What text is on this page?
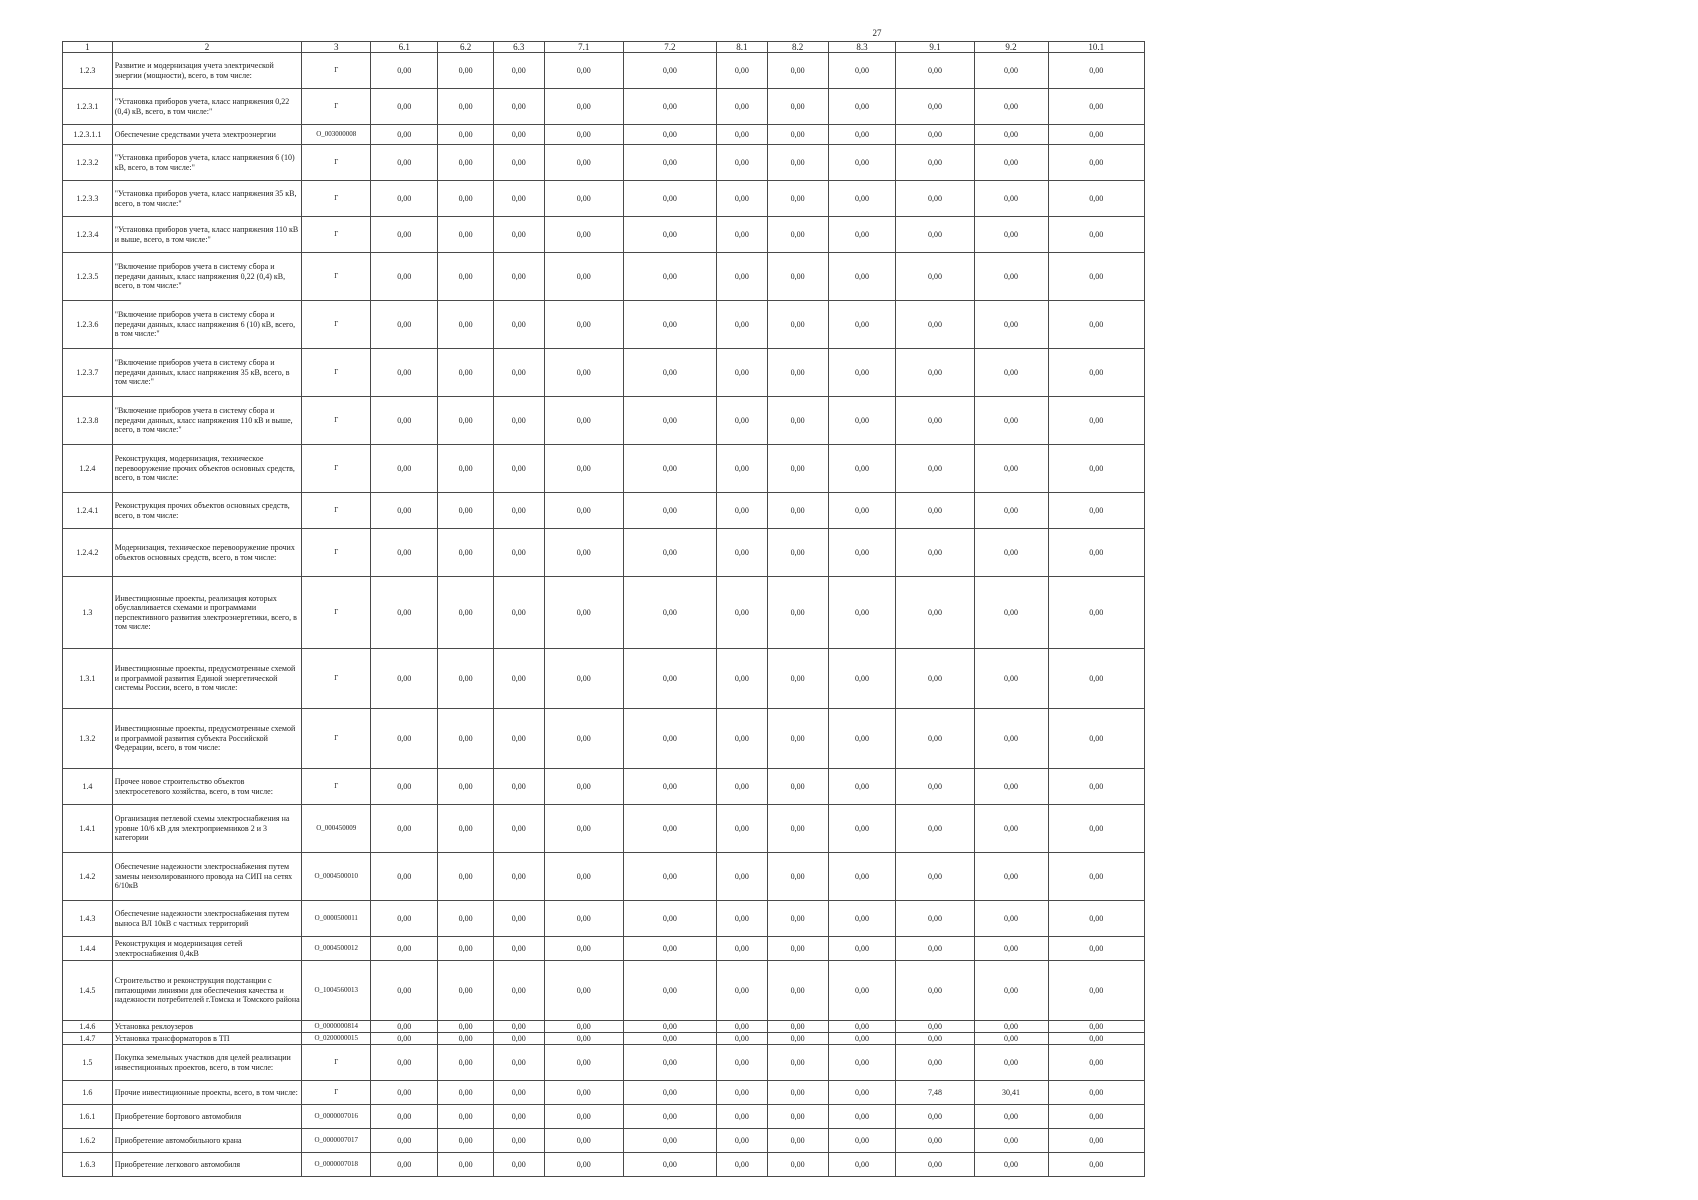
27
1	2	3	6.1	6.2	6.3	7.1	7.2	8.1	8.2	8.3	9.1	9.2	10.1
1.2.3	Развитие и модернизация учета электрической энергии (мощности), всего, в том числе:	Г	0,00	0,00	0,00	0,00	0,00	0,00	0,00	0,00	0,00	0,00	0,00
1.2.3.1	"Установка приборов учета, класс напряжения 0,22 (0,4) кВ, всего, в том числе:"	Г	0,00	0,00	0,00	0,00	0,00	0,00	0,00	0,00	0,00	0,00	0,00
1.2.3.1.1	Обеспечение средствами учета электроэнергии	О_003000008	0,00	0,00	0,00	0,00	0,00	0,00	0,00	0,00	0,00	0,00	0,00
1.2.3.2	"Установка приборов учета, класс напряжения 6 (10) кВ, всего, в том числе:"	Г	0,00	0,00	0,00	0,00	0,00	0,00	0,00	0,00	0,00	0,00	0,00
1.2.3.3	"Установка приборов учета, класс напряжения 35 кВ, всего, в том числе:"	Г	0,00	0,00	0,00	0,00	0,00	0,00	0,00	0,00	0,00	0,00	0,00
1.2.3.4	"Установка приборов учета, класс напряжения 110 кВ и выше, всего, в том числе:"	Г	0,00	0,00	0,00	0,00	0,00	0,00	0,00	0,00	0,00	0,00	0,00
1.2.3.5	"Включение приборов учета в систему сбора и передачи данных, класс напряжения 0,22 (0,4) кВ, всего, в том числе:"	Г	0,00	0,00	0,00	0,00	0,00	0,00	0,00	0,00	0,00	0,00	0,00
1.2.3.6	"Включение приборов учета в систему сбора и передачи данных, класс напряжения 6 (10) кВ, всего, в том числе:"	Г	0,00	0,00	0,00	0,00	0,00	0,00	0,00	0,00	0,00	0,00	0,00
1.2.3.7	"Включение приборов учета в систему сбора и передачи данных, класс напряжения 35 кВ, всего, в том числе:"	Г	0,00	0,00	0,00	0,00	0,00	0,00	0,00	0,00	0,00	0,00	0,00
1.2.3.8	"Включение приборов учета в систему сбора и передачи данных, класс напряжения 110 кВ и выше, всего, в том числе:"	Г	0,00	0,00	0,00	0,00	0,00	0,00	0,00	0,00	0,00	0,00	0,00
1.2.4	Реконструкция, модернизация, техническое перевооружение прочих объектов основных средств, всего, в том числе:	Г	0,00	0,00	0,00	0,00	0,00	0,00	0,00	0,00	0,00	0,00	0,00
1.2.4.1	Реконструкция прочих объектов основных средств, всего, в том числе:	Г	0,00	0,00	0,00	0,00	0,00	0,00	0,00	0,00	0,00	0,00	0,00
1.2.4.2	Модернизация, техническое перевооружение прочих объектов основных средств, всего, в том числе:	Г	0,00	0,00	0,00	0,00	0,00	0,00	0,00	0,00	0,00	0,00	0,00
1.3	Инвестиционные проекты, реализация которых обуславливается схемами и программами перспективного развития электроэнергетики, всего, в том числе:	Г	0,00	0,00	0,00	0,00	0,00	0,00	0,00	0,00	0,00	0,00	0,00
1.3.1	Инвестиционные проекты, предусмотренные схемой и программой развития Единой энергетической системы России, всего, в том числе:	Г	0,00	0,00	0,00	0,00	0,00	0,00	0,00	0,00	0,00	0,00	0,00
1.3.2	Инвестиционные проекты, предусмотренные схемой и программой развития субъекта Российской Федерации, всего, в том числе:	Г	0,00	0,00	0,00	0,00	0,00	0,00	0,00	0,00	0,00	0,00	0,00
1.4	Прочее новое строительство объектов электросетевого хозяйства, всего, в том числе:	Г	0,00	0,00	0,00	0,00	0,00	0,00	0,00	0,00	0,00	0,00	0,00
1.4.1	Организация петлевой схемы электроснабжения на уровне 10/6 кВ для электроприемников 2 и 3 категории	О_000450009	0,00	0,00	0,00	0,00	0,00	0,00	0,00	0,00	0,00	0,00	0,00
1.4.2	Обеспечение надежности электроснабжения путем замены неизолированного провода на СИП на сетях 6/10кВ	О_0004500010	0,00	0,00	0,00	0,00	0,00	0,00	0,00	0,00	0,00	0,00	0,00
1.4.3	Обеспечение надежности электроснабжения путем выноса ВЛ 10кВ с частных территорий	О_0000500011	0,00	0,00	0,00	0,00	0,00	0,00	0,00	0,00	0,00	0,00	0,00
1.4.4	Реконструкция и модернизация сетей электроснабжения 0,4кВ	О_0004500012	0,00	0,00	0,00	0,00	0,00	0,00	0,00	0,00	0,00	0,00	0,00
1.4.5	Строительство и реконструкция подстанции с питающими линиями для обеспечения качества и надежности потребителей г.Томска и Томского района	О_1004560013	0,00	0,00	0,00	0,00	0,00	0,00	0,00	0,00	0,00	0,00	0,00
1.4.6	Установка реклоузеров	О_0000000814	0,00	0,00	0,00	0,00	0,00	0,00	0,00	0,00	0,00	0,00	0,00
1.4.7	Установка трансформаторов в ТП	О_0200000015	0,00	0,00	0,00	0,00	0,00	0,00	0,00	0,00	0,00	0,00	0,00
1.5	Покупка земельных участков для целей реализации инвестиционных проектов, всего, в том числе:	Г	0,00	0,00	0,00	0,00	0,00	0,00	0,00	0,00	0,00	0,00	0,00
1.6	Прочие инвестиционные проекты, всего, в том числе:	Г	0,00	0,00	0,00	0,00	0,00	0,00	0,00	0,00	7,48	30,41	0,00
1.6.1	Приобретение бортового автомобиля	О_0000007016	0,00	0,00	0,00	0,00	0,00	0,00	0,00	0,00	0,00	0,00	0,00
1.6.2	Приобретение автомобильного крана	О_0000007017	0,00	0,00	0,00	0,00	0,00	0,00	0,00	0,00	0,00	0,00	0,00
1.6.3	Приобретение легкового автомобиля	О_0000007018	0,00	0,00	0,00	0,00	0,00	0,00	0,00	0,00	0,00	0,00	0,00
